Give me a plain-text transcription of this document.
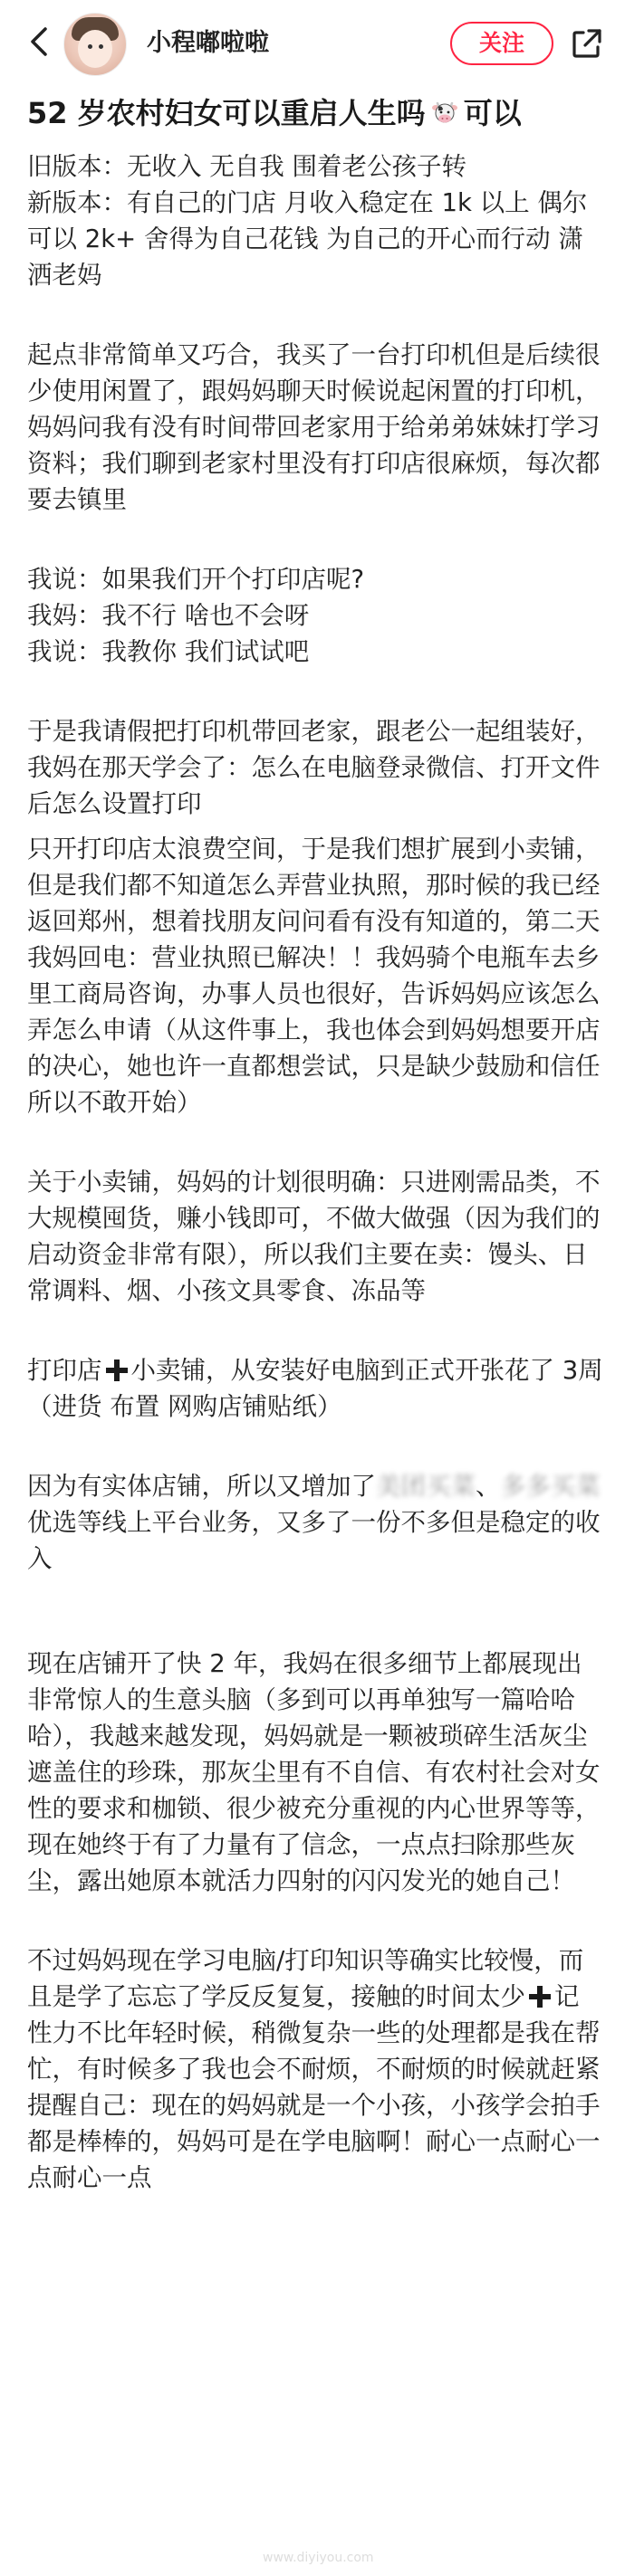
小程嘟啦啦	关注
52 岁农村妇女可以重启人生吗 可以

旧版本：无收入 无自我 围着老公孩子转

新版本：有自己的门店 月收入稳定在 1k 以上 偶尔可以 2k+ 舍得为自己花钱 为自己的开心而行动 潇洒老妈

起点非常简单又巧合，我买了一台打印机但是后续很少使用闲置了，跟妈妈聊天时候说起闲置的打印机，妈妈问我有没有时间带回老家用于给弟弟妹妹打学习资料；我们聊到老家村里没有打印店很麻烦，每次都要去镇里

我说：如果我们开个打印店呢?

我妈：我不行 啥也不会呀

我说：我教你 我们试试吧

于是我请假把打印机带回老家，跟老公一起组装好，我妈在那天学会了：怎么在电脑登录微信、打开文件后怎么设置打印

只开打印店太浪费空间，于是我们想扩展到小卖铺，但是我们都不知道怎么弄营业执照，那时候的我已经返回郑州，想着找朋友问问看有没有知道的，第二天我妈回电：营业执照已解决！！我妈骑个电瓶车去乡里工商局咨询，办事人员也很好，告诉妈妈应该怎么弄怎么申请（从这件事上，我也体会到妈妈想要开店的决心，她也许一直都想尝试，只是缺少鼓励和信任所以不敢开始）

关于小卖铺，妈妈的计划很明确：只进刚需品类，不大规模囤货，赚小钱即可，不做大做强（因为我们的启动资金非常有限），所以我们主要在卖：馒头、日常调料、烟、小孩文具零食、冻品等

打印店 小卖铺，从安装好电脑到正式开张花了 3周（进货 布置 网购店铺贴纸）

因为有实体店铺，所以又增加了美团买菜、多多买菜优选等线上平台业务，又多了一份不多但是稳定的收入

现在店铺开了快 2 年，我妈在很多细节上都展现出非常惊人的生意头脑（多到可以再单独写一篇哈哈哈），我越来越发现，妈妈就是一颗被琐碎生活灰尘遮盖住的珍珠，那灰尘里有不自信、有农村社会对女性的要求和枷锁、很少被充分重视的内心世界等等，现在她终于有了力量有了信念，一点点扫除那些灰尘，露出她原本就活力四射的闪闪发光的她自己！

不过妈妈现在学习电脑/打印知识等确实比较慢，而且是学了忘忘了学反反复复，接触的时间太少 记性力不比年轻时候，稍微复杂一些的处理都是我在帮忙，有时候多了我也会不耐烦，不耐烦的时候就赶紧提醒自己：现在的妈妈就是一个小孩，小孩学会拍手都是棒棒的，妈妈可是在学电脑啊！耐心一点耐心一点耐心一点

www.diyiyou.com
